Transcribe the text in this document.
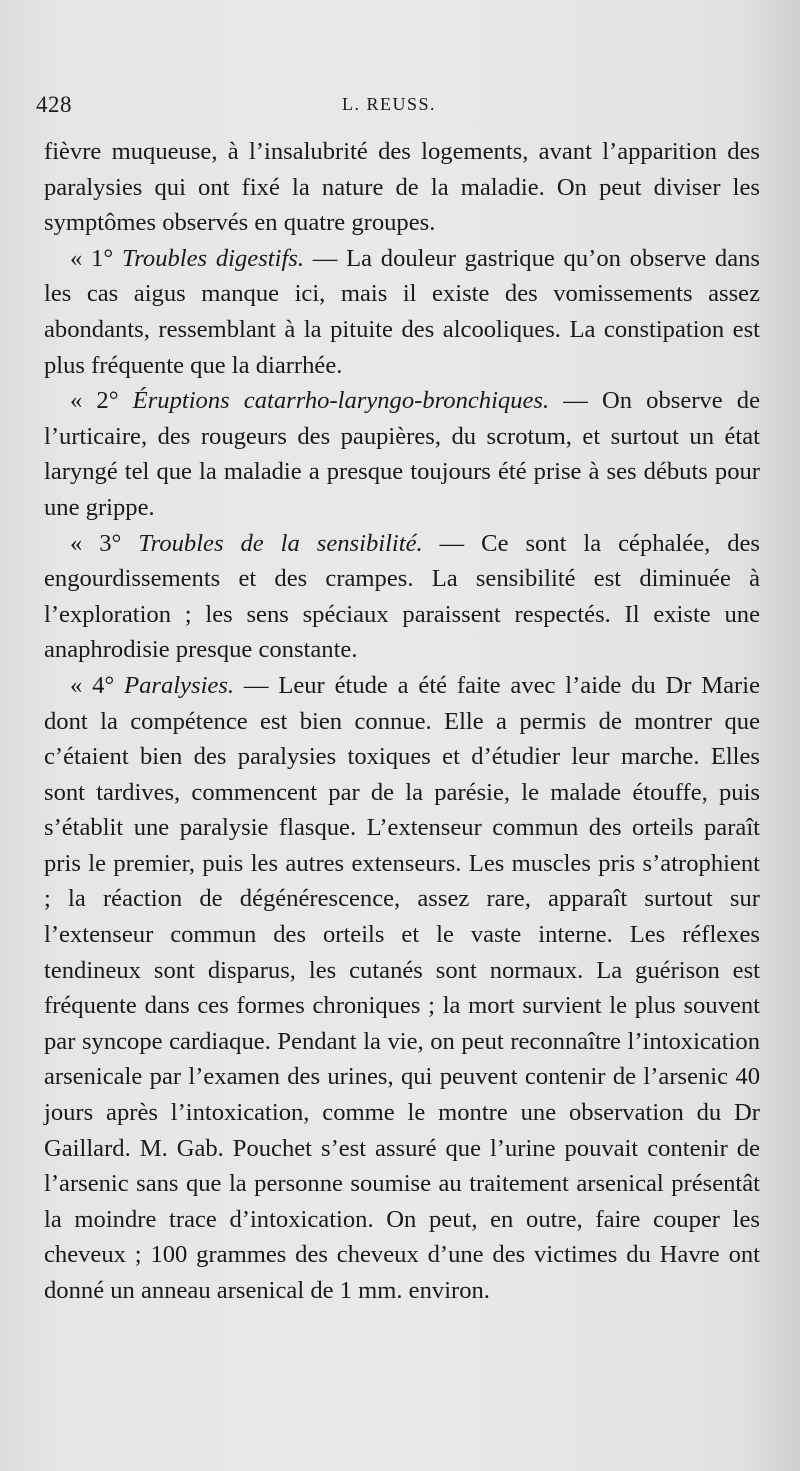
428	L. REUSS.

fièvre muqueuse, à l’insalubrité des logements, avant l’apparition des paralysies qui ont fixé la nature de la maladie. On peut diviser les symptômes observés en quatre groupes.

« 1° Troubles digestifs. — La douleur gastrique qu’on observe dans les cas aigus manque ici, mais il existe des vomissements assez abondants, ressemblant à la pituite des alcooliques. La constipation est plus fréquente que la diarrhée.

« 2° Éruptions catarrho-laryngo-bronchiques. — On observe de l’urticaire, des rougeurs des paupières, du scrotum, et surtout un état laryngé tel que la maladie a presque toujours été prise à ses débuts pour une grippe.

« 3° Troubles de la sensibilité. — Ce sont la céphalée, des engourdissements et des crampes. La sensibilité est diminuée à l’exploration ; les sens spéciaux paraissent respectés. Il existe une anaphrodisie presque constante.

« 4° Paralysies. — Leur étude a été faite avec l’aide du Dr Marie dont la compétence est bien connue. Elle a permis de montrer que c’étaient bien des paralysies toxiques et d’étudier leur marche. Elles sont tardives, commencent par de la parésie, le malade étouffe, puis s’établit une paralysie flasque. L’extenseur commun des orteils paraît pris le premier, puis les autres extenseurs. Les muscles pris s’atrophient ; la réaction de dégénérescence, assez rare, apparaît surtout sur l’extenseur commun des orteils et le vaste interne. Les réflexes tendineux sont disparus, les cutanés sont normaux. La guérison est fréquente dans ces formes chroniques ; la mort survient le plus souvent par syncope cardiaque. Pendant la vie, on peut reconnaître l’intoxication arsenicale par l’examen des urines, qui peuvent contenir de l’arsenic 40 jours après l’intoxication, comme le montre une observation du Dr Gaillard. M. Gab. Pouchet s’est assuré que l’urine pouvait contenir de l’arsenic sans que la personne soumise au traitement arsenical présentât la moindre trace d’intoxication. On peut, en outre, faire couper les cheveux ; 100 grammes des cheveux d’une des victimes du Havre ont donné un anneau arsenical de 1 mm. environ.
